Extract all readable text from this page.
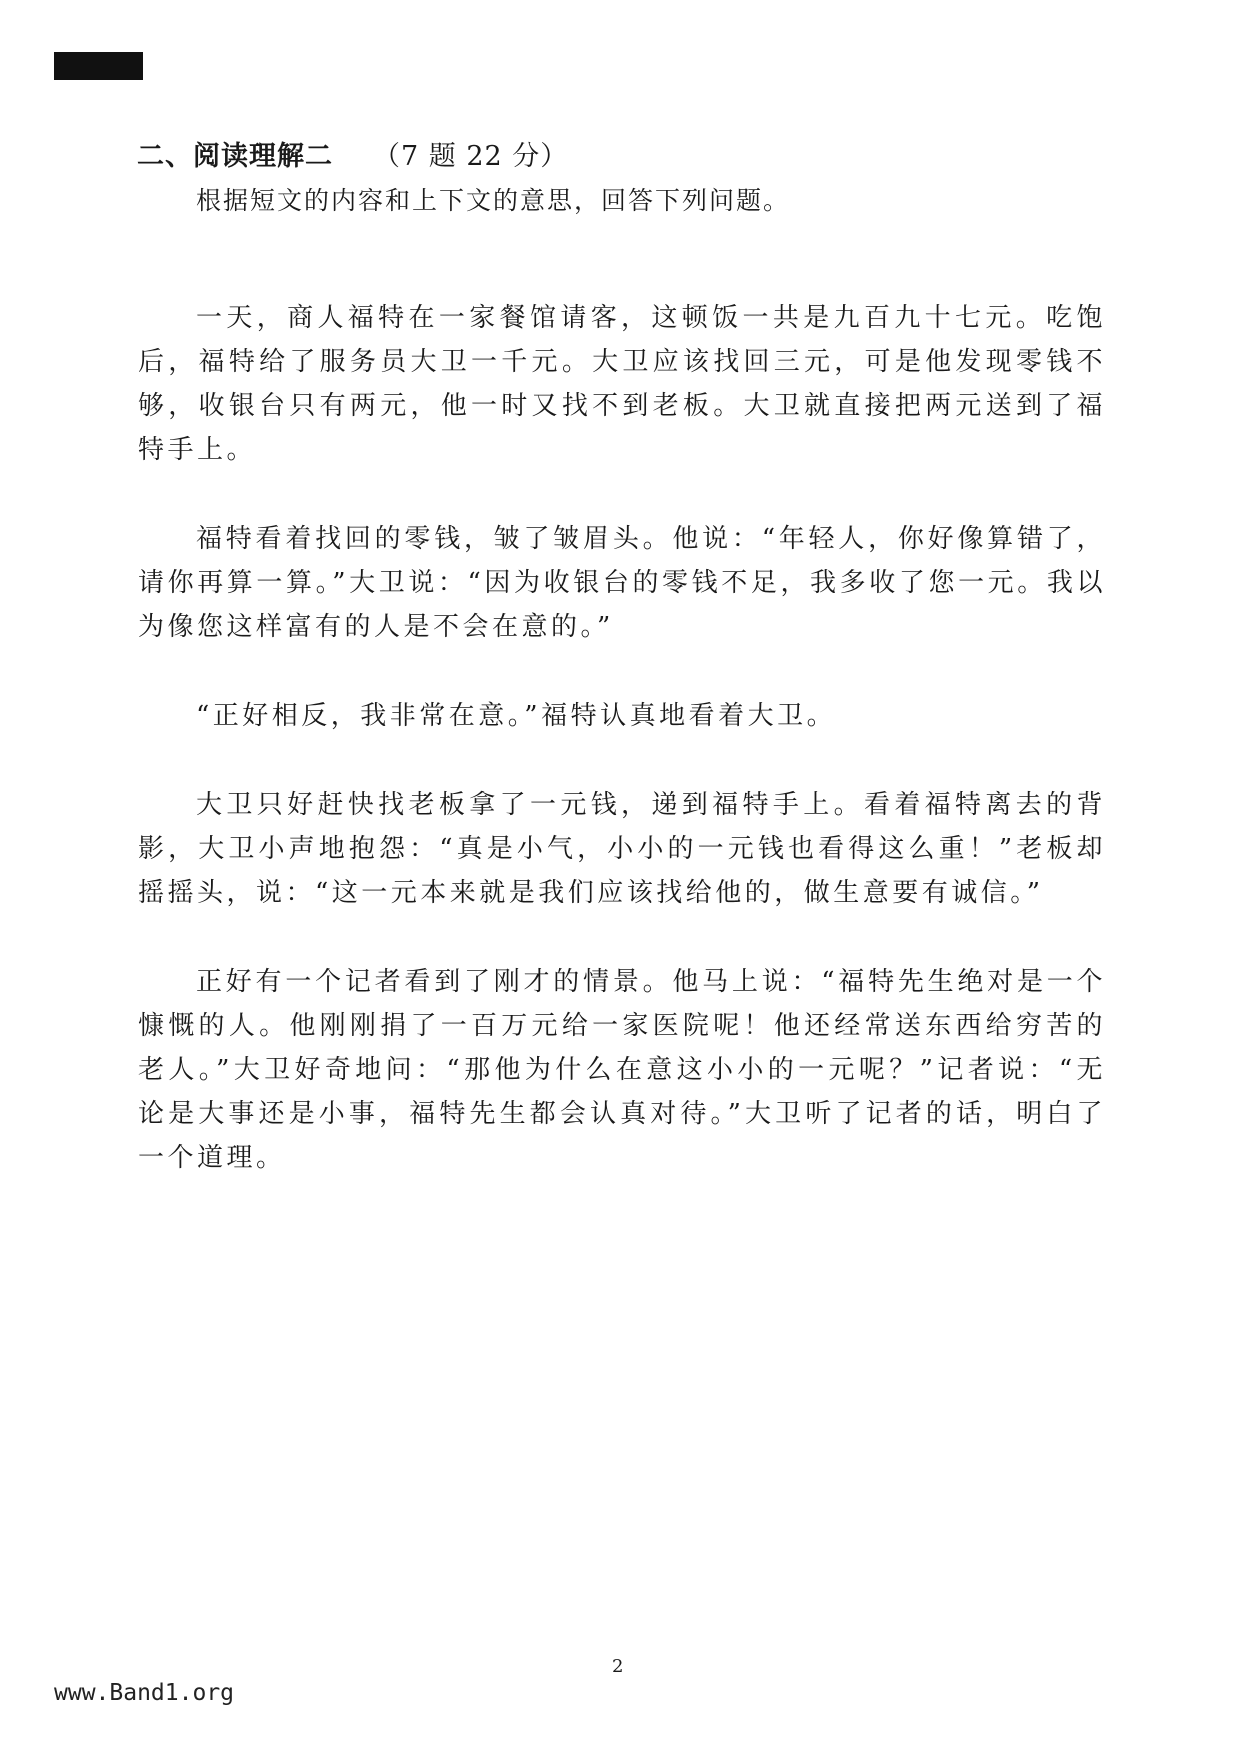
二、阅读理解二 （7 题 22 分）
根据短文的内容和上下文的意思，回答下列问题。

一天，商人福特在一家餐馆请客，这顿饭一共是九百九十七元。吃饱后，福特给了服务员大卫一千元。大卫应该找回三元，可是他发现零钱不够，收银台只有两元，他一时又找不到老板。大卫就直接把两元送到了福特手上。

福特看着找回的零钱，皱了皱眉头。他说：“年轻人，你好像算错了，请你再算一算。”大卫说：“因为收银台的零钱不足，我多收了您一元。我以为像您这样富有的人是不会在意的。”

“正好相反，我非常在意。”福特认真地看着大卫。

大卫只好赶快找老板拿了一元钱，递到福特手上。看着福特离去的背影，大卫小声地抱怨：“真是小气，小小的一元钱也看得这么重！”老板却摇摇头，说：“这一元本来就是我们应该找给他的，做生意要有诚信。”

正好有一个记者看到了刚才的情景。他马上说：“福特先生绝对是一个慷慨的人。他刚刚捐了一百万元给一家医院呢！他还经常送东西给穷苦的老人。”大卫好奇地问：“那他为什么在意这小小的一元呢？”记者说：“无论是大事还是小事，福特先生都会认真对待。”大卫听了记者的话，明白了一个道理。

2
www.Band1.org
